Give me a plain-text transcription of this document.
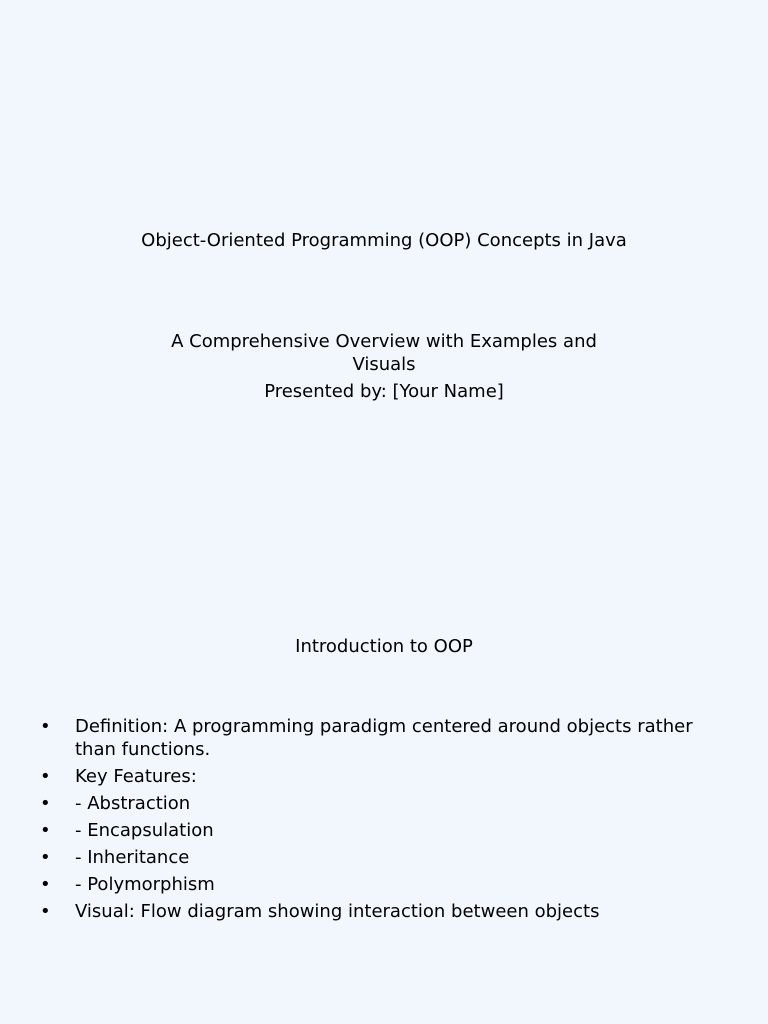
Object-Oriented Programming (OOP) Concepts in Java
A Comprehensive Overview with Examples and Visuals
Presented by: [Your Name]
Introduction to OOP
•	Definition: A programming paradigm centered around objects rather than functions.
•	Key Features:
•	- Abstraction
•	- Encapsulation
•	- Inheritance
•	- Polymorphism
•	Visual: Flow diagram showing interaction between objects
